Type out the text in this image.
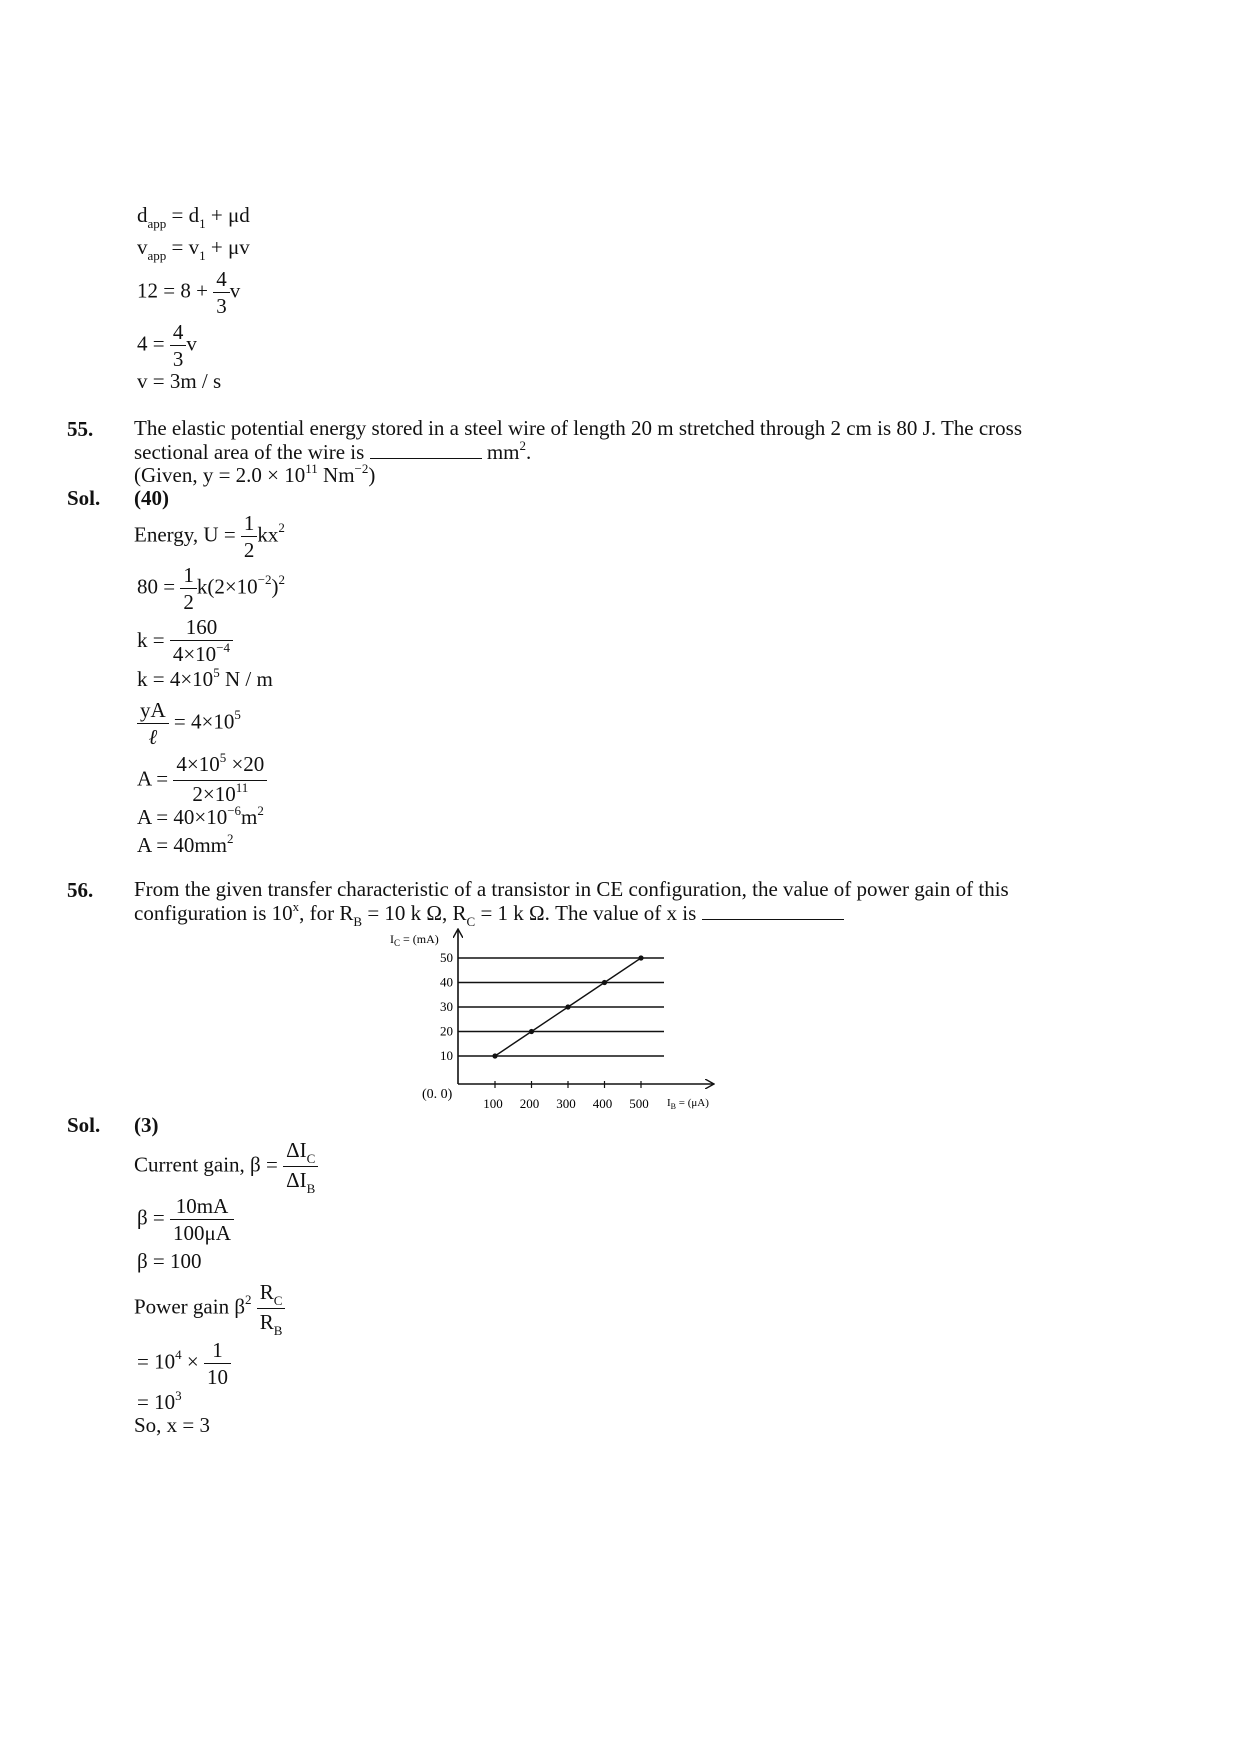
$d_{app} = d_1 + \mu d$
$v_{app} = v_1 + \mu v$
$12 = 8 + \frac{4}{3}$ v
$4 = \frac{4}{3}$ v
v = 3m / s
55. The elastic potential energy stored in a steel wire of length 20 m stretched through 2 cm is 80 J. The cross
sectional area of the wire is	$mm^2$.
(Given, $y = 2.0 \times 10^{11}$ $Nm^{-2}$)
Sol. (40)
Energy, $U = \frac{1}{2} kx^2$
$80 = \frac{1}{2} k(2\times 10^{-2})^2$
$k = \frac{160}{4\times 10^{-4}}$
$k = 4\times 10^5$ N / m
$\frac{yA}{\text{ℓ}} = 4\times 10^5$
$A = \frac{4\times 10^5 \times 20}{2\times 10^{11}}$
$A = 40\times 10^{-6}m^2$
$A = 40mm^2$
56. From the given transfer characteristic of a transistor in CE configuration, the value of power gain of this
configuration is 10$^x$, for $R_B = 10$ k Ω, $R_C = 1$ k Ω. The value of x is
$I_C = (mA)$
$I_B = (\mu A)$
(0. 0)
10
20
30
40
50
100 200 300 400 500
Sol. (3)
Current gain, $\beta = \frac{\Delta I_C}{\Delta I_B}$
$\beta = \frac{10mA}{100\mu A}$
β = 100
Power gain $\beta^2 \frac{R_C}{R_B}$
= $10^4 \times \frac{1}{10}$
= $10^3$
So, x = 3
